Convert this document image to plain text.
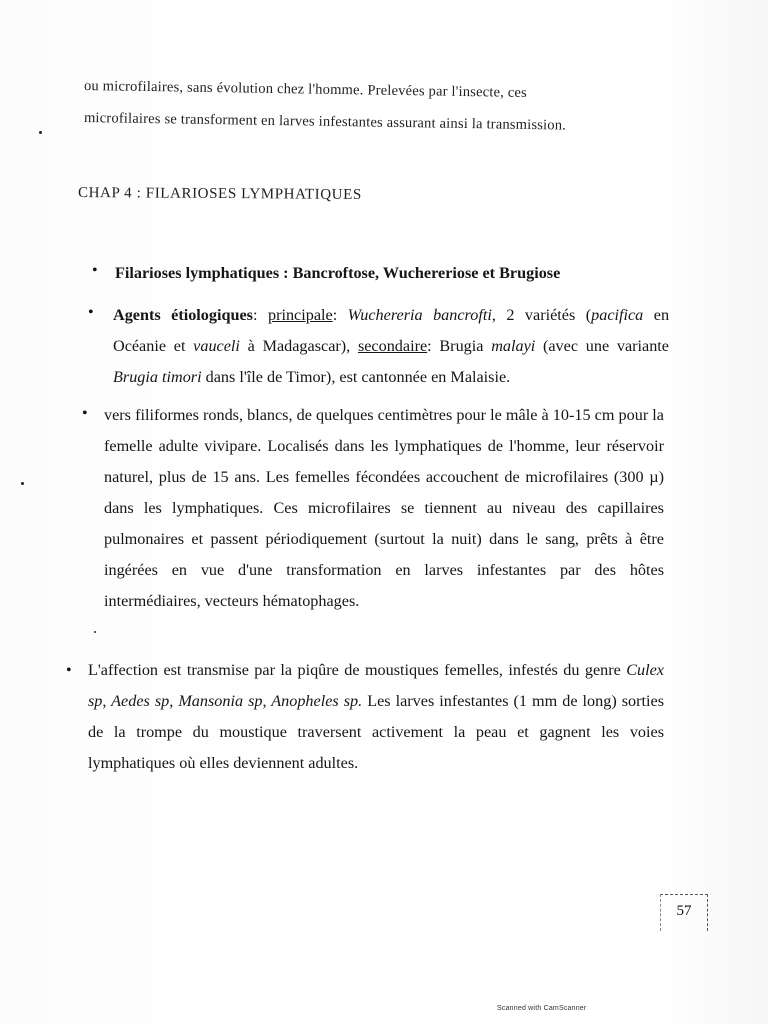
ou microfilaires, sans évolution chez l'homme. Prelevées par l'insecte, ces
microfilaires se transforment en larves infestantes assurant ainsi la transmission.
CHAP 4 : FILARIOSES LYMPHATIQUES
• Filarioses lymphatiques : Bancroftose, Wuchereriose et Brugiose
• Agents étiologiques: principale: Wuchereria bancrofti, 2 variétés (pacifica en Océanie et vauceli à Madagascar), secondaire: Brugia malayi (avec une variante Brugia timori dans l'île de Timor), est cantonnée en Malaisie.
• vers filiformes ronds, blancs, de quelques centimètres pour le mâle à 10-15 cm pour la femelle adulte vivipare. Localisés dans les lymphatiques de l'homme, leur réservoir naturel, plus de 15 ans. Les femelles fécondées accouchent de microfilaires (300 µ) dans les lymphatiques. Ces microfilaires se tiennent au niveau des capillaires pulmonaires et passent périodiquement (surtout la nuit) dans le sang, prêts à être ingérées en vue d'une transformation en larves infestantes par des hôtes intermédiaires, vecteurs hématophages.
• L'affection est transmise par la piqûre de moustiques femelles, infestés du genre Culex sp, Aedes sp, Mansonia sp, Anopheles sp. Les larves infestantes (1 mm de long) sorties de la trompe du moustique traversent activement la peau et gagnent les voies lymphatiques où elles deviennent adultes.
57
Scanned with CamScanner
